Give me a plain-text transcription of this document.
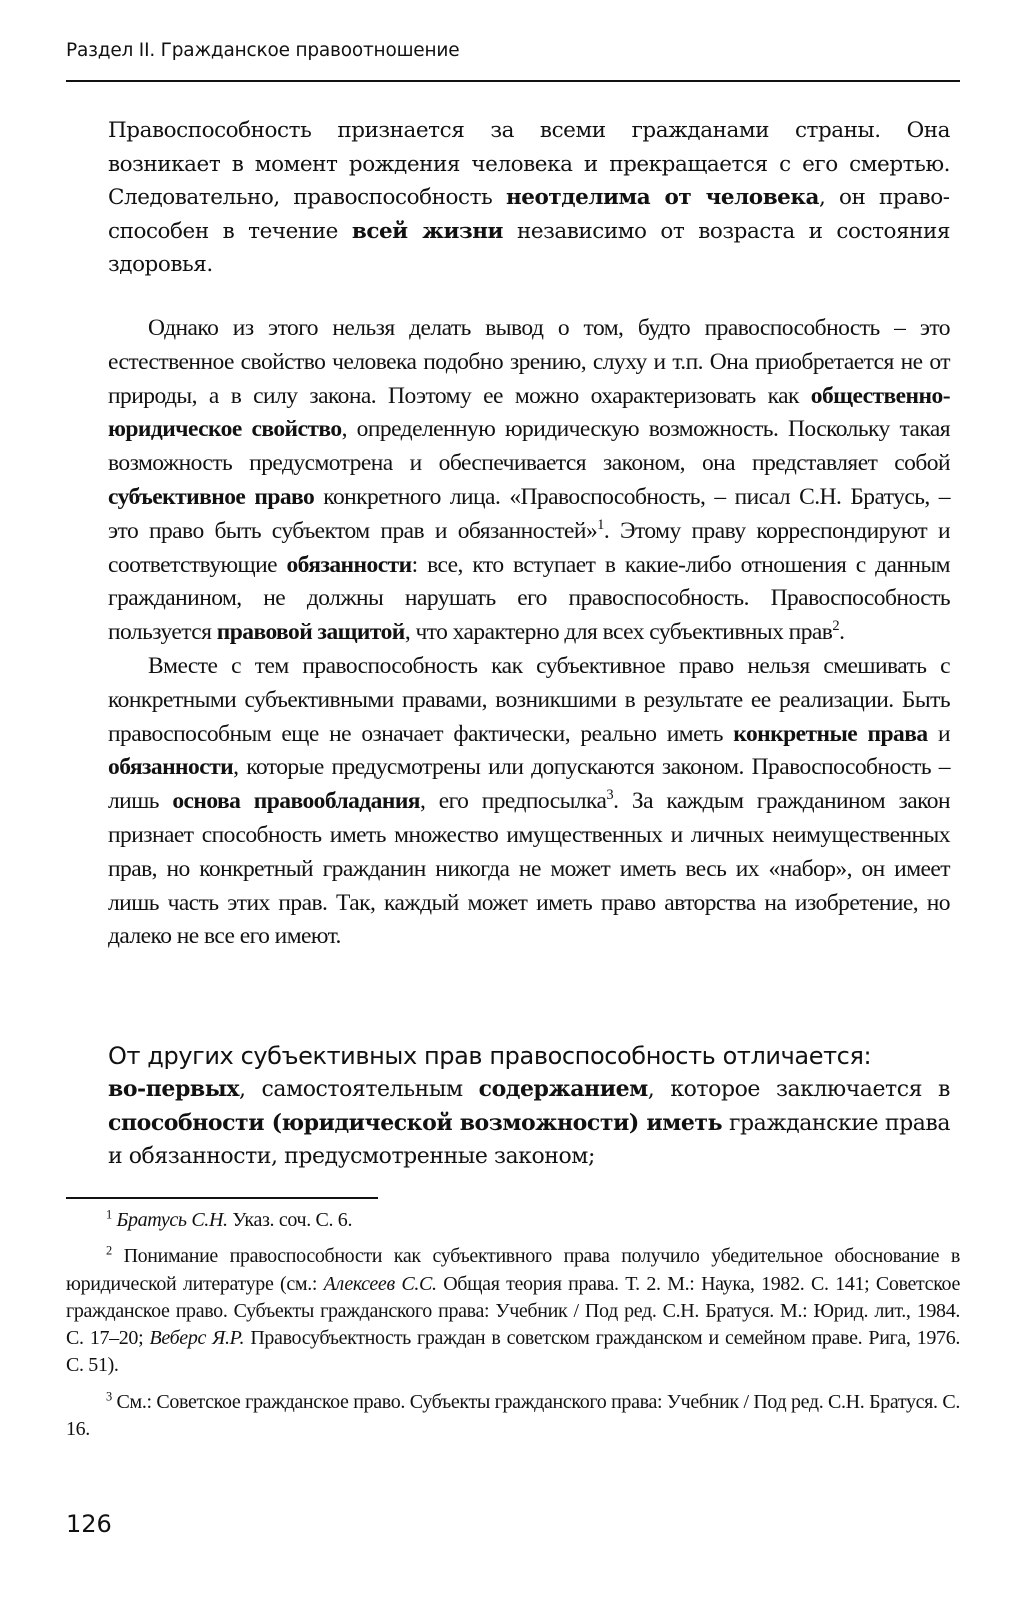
Раздел II. Гражданское правоотношение
Правоспособность признается за всеми гражданами страны. Она возникает в момент рождения человека и прекращается с его смертью. Следовательно, правоспособность неотделима от человека, он правоспособен в течение всей жизни независимо от возраста и состояния здоровья.

Однако из этого нельзя делать вывод о том, будто правоспособность – это естественное свойство человека подобно зрению, слуху и т.п. Она приобретается не от природы, а в силу закона. Поэтому ее можно охарактеризовать как общественно-юридическое свойство, определенную юридическую возможность. Поскольку такая возможность предусмотрена и обеспечивается законом, она представляет собой субъективное право конкретного лица. «Правоспособность, – писал С.Н. Братусь, – это право быть субъектом прав и обязанностей»$^1$. Этому праву корреспондируют и соответствующие обязанности: все, кто вступает в какие-либо отношения с данным гражданином, не должны нарушать его правоспособность. Правоспособность пользуется правовой защитой, что характерно для всех субъективных прав$^2$.

Вместе с тем правоспособность как субъективное право нельзя смешивать с конкретными субъективными правами, возникшими в результате ее реализации. Быть правоспособным еще не означает фактически, реально иметь конкретные права и обязанности, которые предусмотрены или допускаются законом. Правоспособность – лишь основа правообладания, его предпосылка$^3$. За каждым гражданином закон признает способность иметь множество имущественных и личных неимущественных прав, но конкретный гражданин никогда не может иметь весь их «набор», он имеет лишь часть этих прав. Так, каждый может иметь право авторства на изобретение, но далеко не все его имеют.

От других субъективных прав правоспособность отличается:
во-первых, самостоятельным содержанием, которое заключается в способности (юридической возможности) иметь гражданские права и обязанности, предусмотренные законом;

$^1$ Братусь С.Н. Указ. соч. С. 6.

$^2$ Понимание правоспособности как субъективного права получило убедительное обоснование в юридической литературе (см.: Алексеев С.С. Общая теория права. Т. 2. М.: Наука, 1982. С. 141; Советское гражданское право. Субъекты гражданского права: Учебник / Под ред. С.Н. Братуся. М.: Юрид. лит., 1984. С. 17–20; Веберс Я.Р. Правосубъектность граждан в советском гражданском и семейном праве. Рига, 1976. С. 51).

$^3$ См.: Советское гражданское право. Субъекты гражданского права: Учебник / Под ред. С.Н. Братуся. С. 16.

126
